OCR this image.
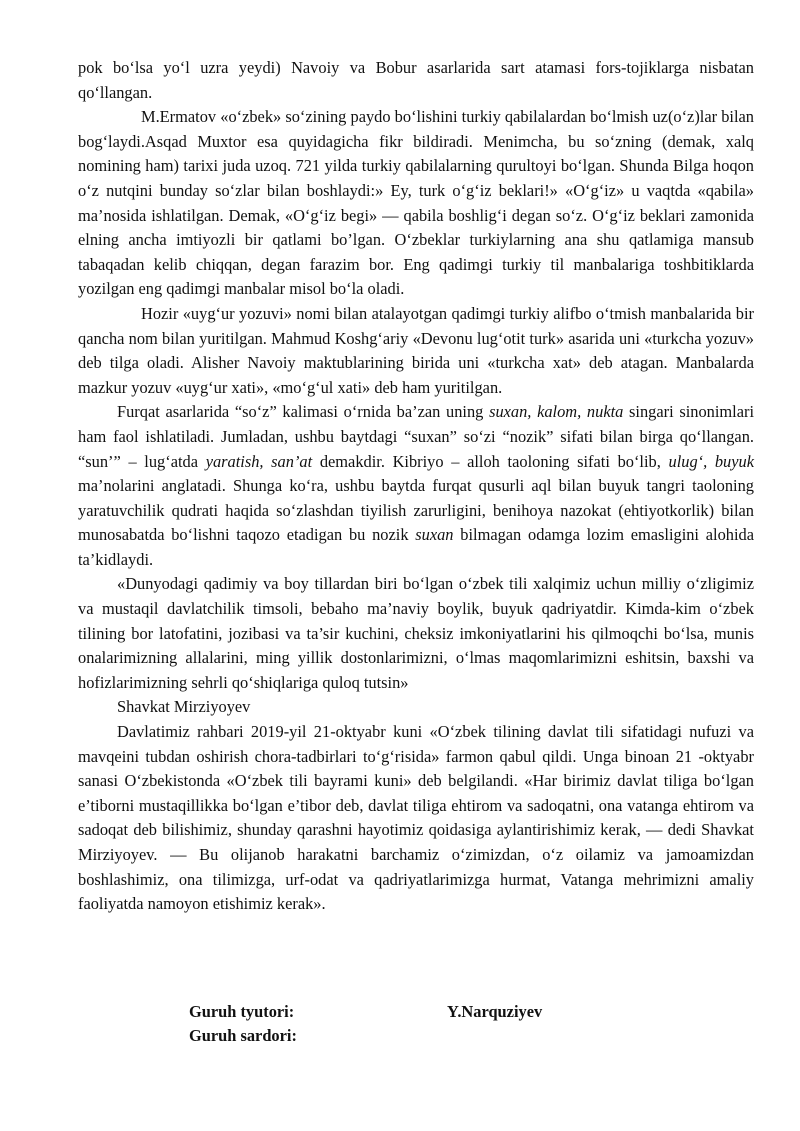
pok bo‘lsa yo‘l uzra yeydi) Navoiy va Bobur asarlarida sart atamasi fors-tojiklarga nisbatan qo‘llangan.

M.Ermatov «o‘zbek» so‘zining paydo bo‘lishini turkiy qabilalardan bo‘lmish uz(o‘z)lar bilan bog‘laydi.Asqad Muxtor esa quyidagicha fikr bildiradi. Menimcha, bu so‘zning (demak, xalq nomining ham) tarixi juda uzoq. 721 yilda turkiy qabilalarning qurultoyi bo‘lgan. Shunda Bilga hoqon o‘z nutqini bunday so‘zlar bilan boshlaydi:» Ey, turk o‘g‘iz beklari!» «O‘g‘iz» u vaqtda «qabila» ma’nosida ishlatilgan. Demak, «O‘g‘iz begi» — qabila boshlig‘i degan so‘z. O‘g‘iz beklari zamonida elning ancha imtiyozli bir qatlami bo’lgan. O‘zbeklar turkiylarning ana shu qatlamiga mansub tabaqadan kelib chiqqan, degan farazim bor. Eng qadimgi turkiy til manbalariga toshbitiklarda yozilgan eng qadimgi manbalar misol bo‘la oladi.

Hozir «uyg‘ur yozuvi» nomi bilan atalayotgan qadimgi turkiy alifbo o‘tmish manbalarida bir qancha nom bilan yuritilgan. Mahmud Koshg‘ariy «Devonu lug‘otit turk» asarida uni «turkcha yozuv» deb tilga oladi. Alisher Navoiy maktublarining birida uni «turkcha xat» deb atagan. Manbalarda mazkur yozuv «uyg‘ur xati», «mo‘g‘ul xati» deb ham yuritilgan.

Furqat asarlarida “so‘z” kalimasi o‘rnida ba’zan uning suxan, kalom, nukta singari sinonimlari ham faol ishlatiladi. Jumladan, ushbu baytdagi “suxan” so‘zi “nozik” sifati bilan birga qo‘llangan. “sun’” – lug‘atda yaratish, san’at demakdir. Kibriyo – alloh taoloning sifati bo‘lib, ulug‘, buyuk ma’nolarini anglatadi. Shunga ko‘ra, ushbu baytda furqat qusurli aql bilan buyuk tangri taoloning yaratuvchilik qudrati haqida so‘zlashdan tiyilish zarurligini, benihoya nazokat (ehtiyotkorlik) bilan munosabatda bo‘lishni taqozo etadigan bu nozik suxan bilmagan odamga lozim emasligini alohida ta’kidlaydi.

«Dunyodagi qadimiy va boy tillardan biri bo‘lgan o‘zbek tili xalqimiz uchun milliy o‘zligimiz va mustaqil davlatchilik timsoli, bebaho ma’naviy boylik, buyuk qadriyatdir. Kimda-kim o‘zbek tilining bor latofatini, jozibasi va ta’sir kuchini, cheksiz imkoniyatlarini his qilmoqchi bo‘lsa, munis onalarimizning allalarini, ming yillik dostonlarimizni, o‘lmas maqomlarimizni eshitsin, baxshi va hofizlarimizning sehrli qo‘shiqlariga quloq tutsin»

Shavkat Mirziyoyev

Davlatimiz rahbari 2019-yil 21-oktyabr kuni «O‘zbek tilining davlat tili sifatidagi nufuzi va mavqeini tubdan oshirish chora-tadbirlari to‘g‘risida» farmon qabul qildi. Unga binoan 21 -oktyabr sanasi O‘zbekistonda «O‘zbek tili bayrami kuni» deb belgilandi. «Har birimiz davlat tiliga bo‘lgan e’tiborni mustaqillikka bo‘lgan e’tibor deb, davlat tiliga ehtirom va sadoqatni, ona vatanga ehtirom va sadoqat deb bilishimiz, shunday qarashni hayotimiz qoidasiga aylantirishimiz kerak, — dedi Shavkat Mirziyoyev. — Bu olijanob harakatni barchamiz o‘zimizdan, o‘z oilamiz va jamoamizdan boshlashimiz, ona tilimizga, urf-odat va qadriyatlarimizga hurmat, Vatanga mehrimizni amaliy faoliyatda namoyon etishimiz kerak».

Guruh tyutori:	Y.Narquziyev
Guruh sardori:
